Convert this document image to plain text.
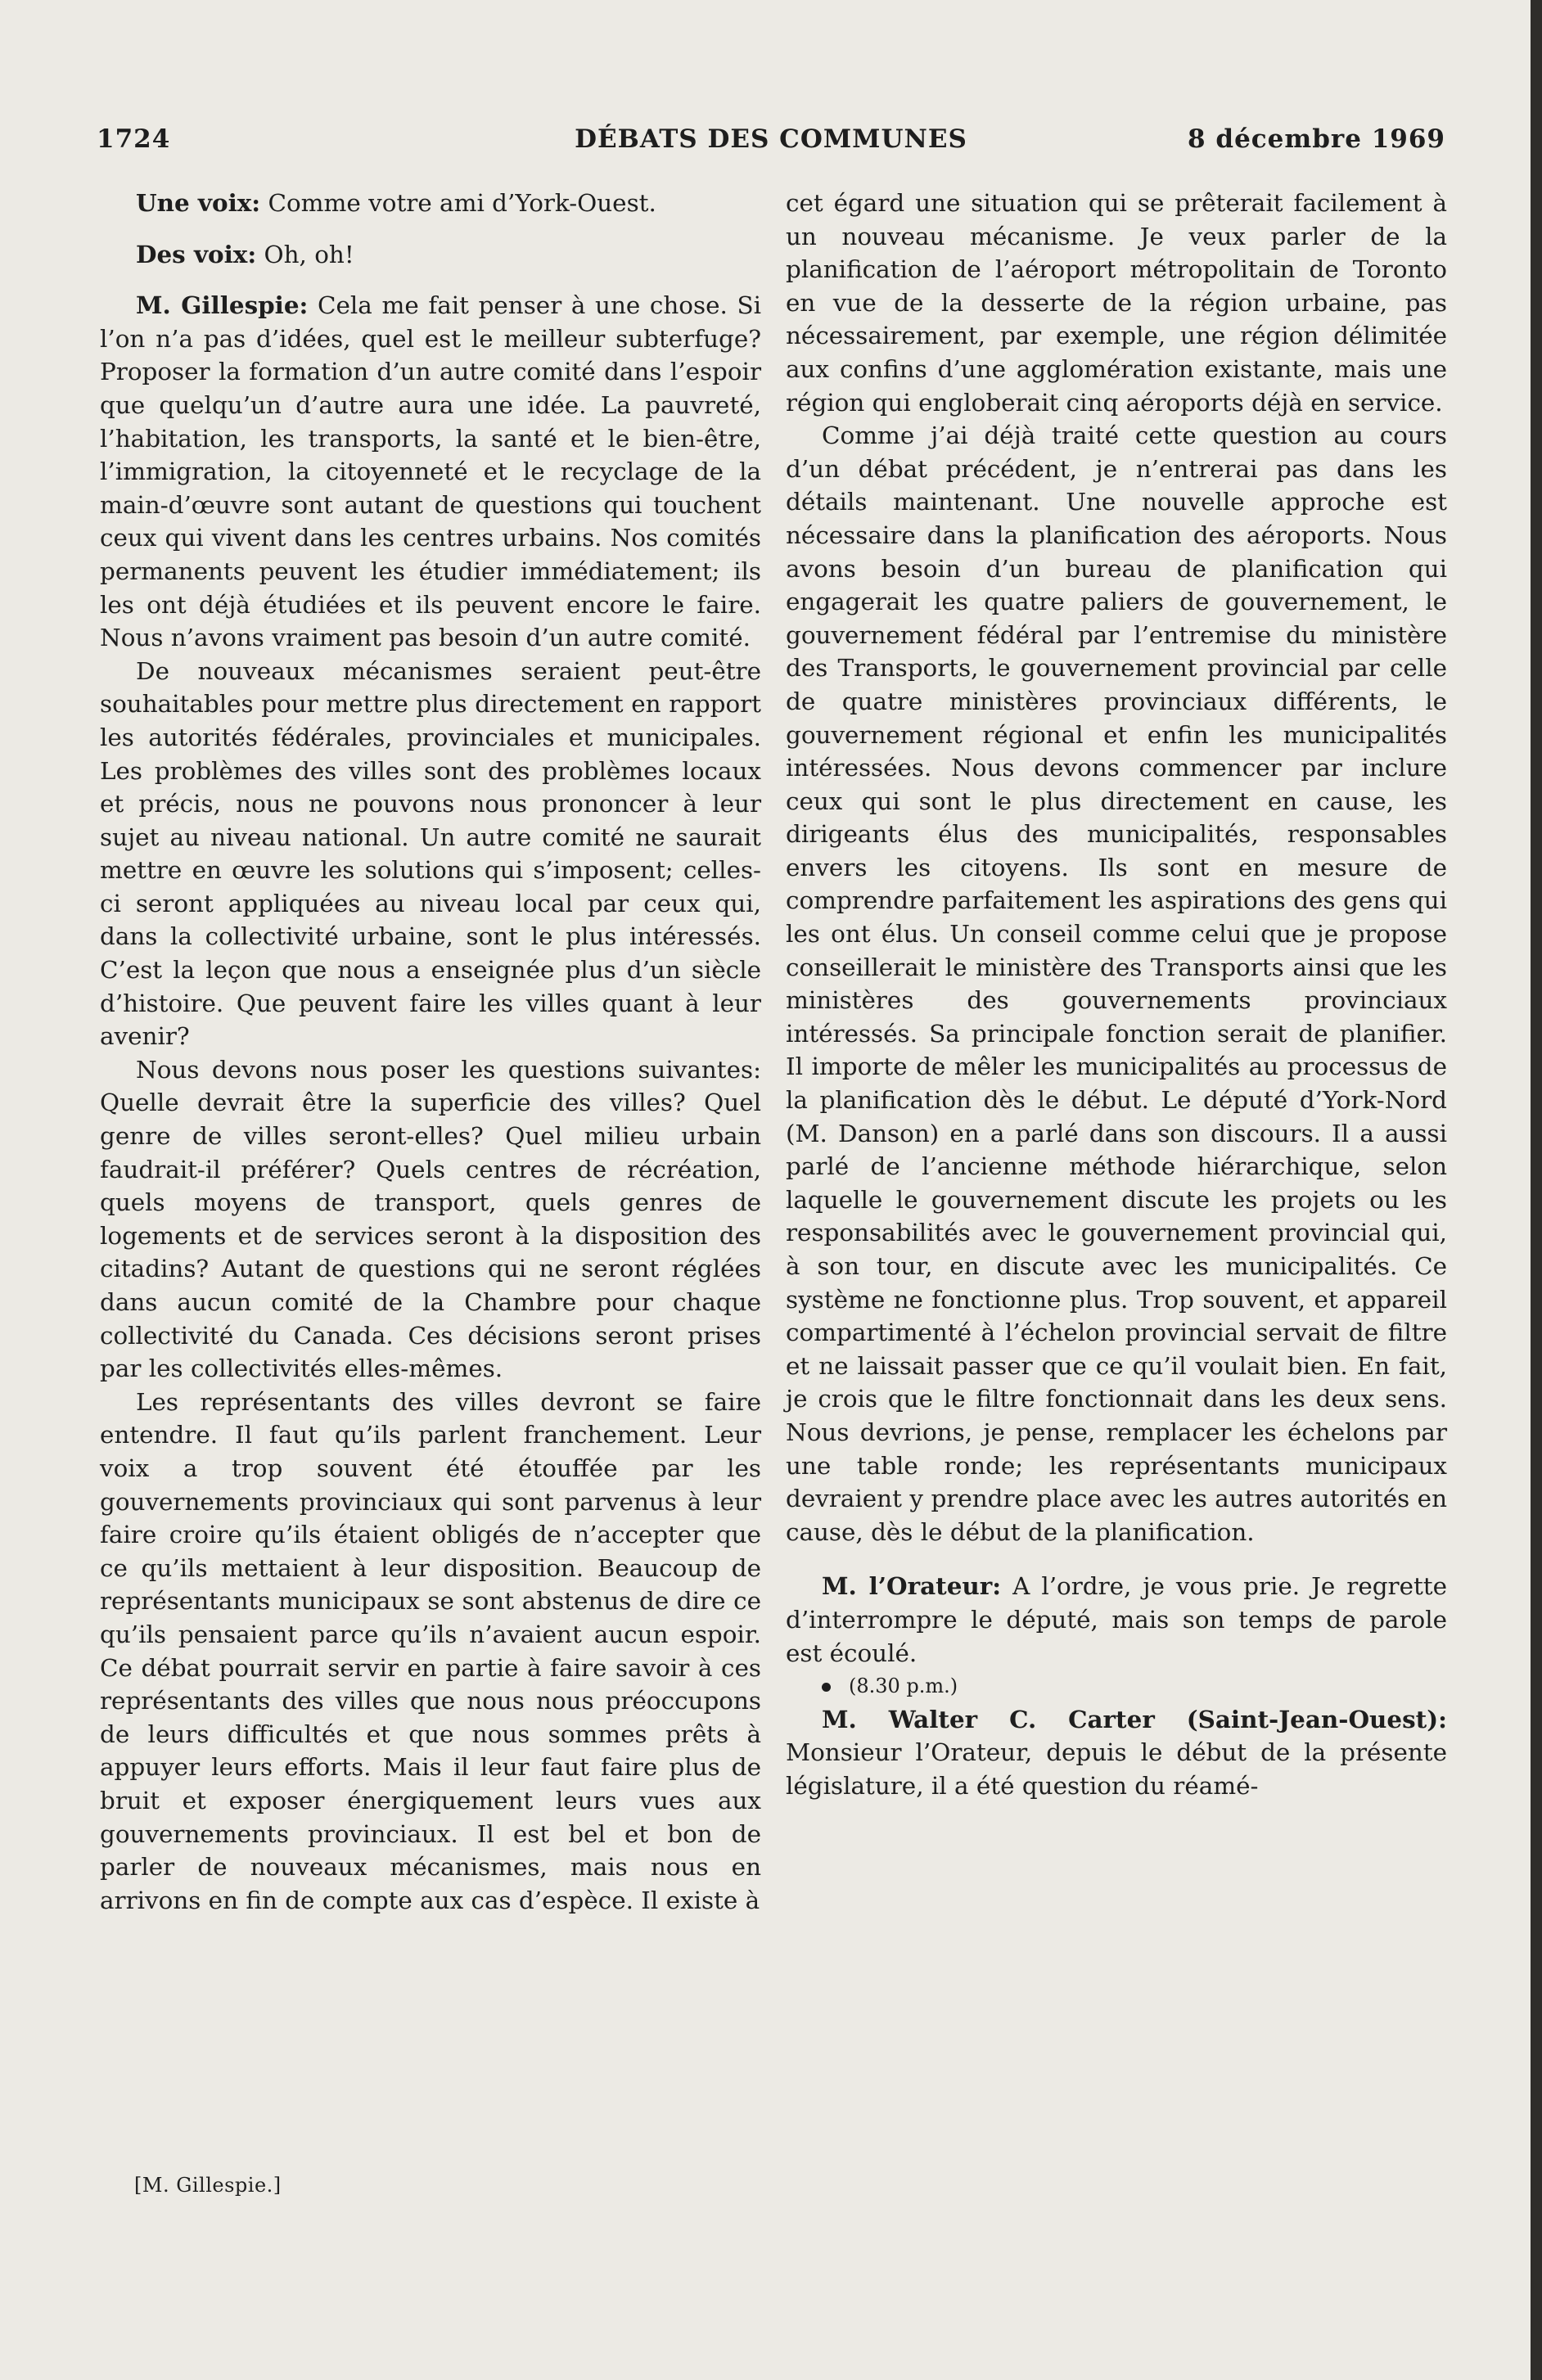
1724	DÉBATS DES COMMUNES	8 décembre 1969

Une voix: Comme votre ami d’York-Ouest.

Des voix: Oh, oh!

M. Gillespie: Cela me fait penser à une chose. Si l’on n’a pas d’idées, quel est le meilleur subterfuge? Proposer la formation d’un autre comité dans l’espoir que quelqu’un d’autre aura une idée. La pauvreté, l’habitation, les transports, la santé et le bien-être, l’immigration, la citoyenneté et le recyclage de la main-d’œuvre sont autant de questions qui touchent ceux qui vivent dans les centres urbains. Nos comités permanents peuvent les étudier immédiatement; ils les ont déjà étudiées et ils peuvent encore le faire. Nous n’avons vraiment pas besoin d’un autre comité.

De nouveaux mécanismes seraient peut-être souhaitables pour mettre plus directement en rapport les autorités fédérales, provinciales et municipales. Les problèmes des villes sont des problèmes locaux et précis, nous ne pouvons nous prononcer à leur sujet au niveau national. Un autre comité ne saurait mettre en œuvre les solutions qui s’imposent; celles-ci seront appliquées au niveau local par ceux qui, dans la collectivité urbaine, sont le plus intéressés. C’est la leçon que nous a enseignée plus d’un siècle d’histoire. Que peuvent faire les villes quant à leur avenir?

Nous devons nous poser les questions suivantes: Quelle devrait être la superficie des villes? Quel genre de villes seront-elles? Quel milieu urbain faudrait-il préférer? Quels centres de récréation, quels moyens de transport, quels genres de logements et de services seront à la disposition des citadins? Autant de questions qui ne seront réglées dans aucun comité de la Chambre pour chaque collectivité du Canada. Ces décisions seront prises par les collectivités elles-mêmes.

Les représentants des villes devront se faire entendre. Il faut qu’ils parlent franchement. Leur voix a trop souvent été étouffée par les gouvernements provinciaux qui sont parvenus à leur faire croire qu’ils étaient obligés de n’accepter que ce qu’ils mettaient à leur disposition. Beaucoup de représentants municipaux se sont abstenus de dire ce qu’ils pensaient parce qu’ils n’avaient aucun espoir. Ce débat pourrait servir en partie à faire savoir à ces représentants des villes que nous nous préoccupons de leurs difficultés et que nous sommes prêts à appuyer leurs efforts. Mais il leur faut faire plus de bruit et exposer énergiquement leurs vues aux gouvernements provinciaux. Il est bel et bon de parler de nouveaux mécanismes, mais nous en arrivons en fin de compte aux cas d’espèce. Il existe à

cet égard une situation qui se prêterait facilement à un nouveau mécanisme. Je veux parler de la planification de l’aéroport métropolitain de Toronto en vue de la desserte de la région urbaine, pas nécessairement, par exemple, une région délimitée aux confins d’une agglomération existante, mais une région qui engloberait cinq aéroports déjà en service.

Comme j’ai déjà traité cette question au cours d’un débat précédent, je n’entrerai pas dans les détails maintenant. Une nouvelle approche est nécessaire dans la planification des aéroports. Nous avons besoin d’un bureau de planification qui engagerait les quatre paliers de gouvernement, le gouvernement fédéral par l’entremise du ministère des Transports, le gouvernement provincial par celle de quatre ministères provinciaux différents, le gouvernement régional et enfin les municipalités intéressées. Nous devons commencer par inclure ceux qui sont le plus directement en cause, les dirigeants élus des municipalités, responsables envers les citoyens. Ils sont en mesure de comprendre parfaitement les aspirations des gens qui les ont élus. Un conseil comme celui que je propose conseillerait le ministère des Transports ainsi que les ministères des gouvernements provinciaux intéressés. Sa principale fonction serait de planifier. Il importe de mêler les municipalités au processus de la planification dès le début. Le député d’York-Nord (M. Danson) en a parlé dans son discours. Il a aussi parlé de l’ancienne méthode hiérarchique, selon laquelle le gouvernement discute les projets ou les responsabilités avec le gouvernement provincial qui, à son tour, en discute avec les municipalités. Ce système ne fonctionne plus. Trop souvent, et appareil compartimenté à l’échelon provincial servait de filtre et ne laissait passer que ce qu’il voulait bien. En fait, je crois que le filtre fonctionnait dans les deux sens. Nous devrions, je pense, remplacer les échelons par une table ronde; les représentants municipaux devraient y prendre place avec les autres autorités en cause, dès le début de la planification.

M. l’Orateur: A l’ordre, je vous prie. Je regrette d’interrompre le député, mais son temps de parole est écoulé.

(8.30 p.m.)

M. Walter C. Carter (Saint-Jean-Ouest): Monsieur l’Orateur, depuis le début de la présente législature, il a été question du réamé-

[M. Gillespie.]
